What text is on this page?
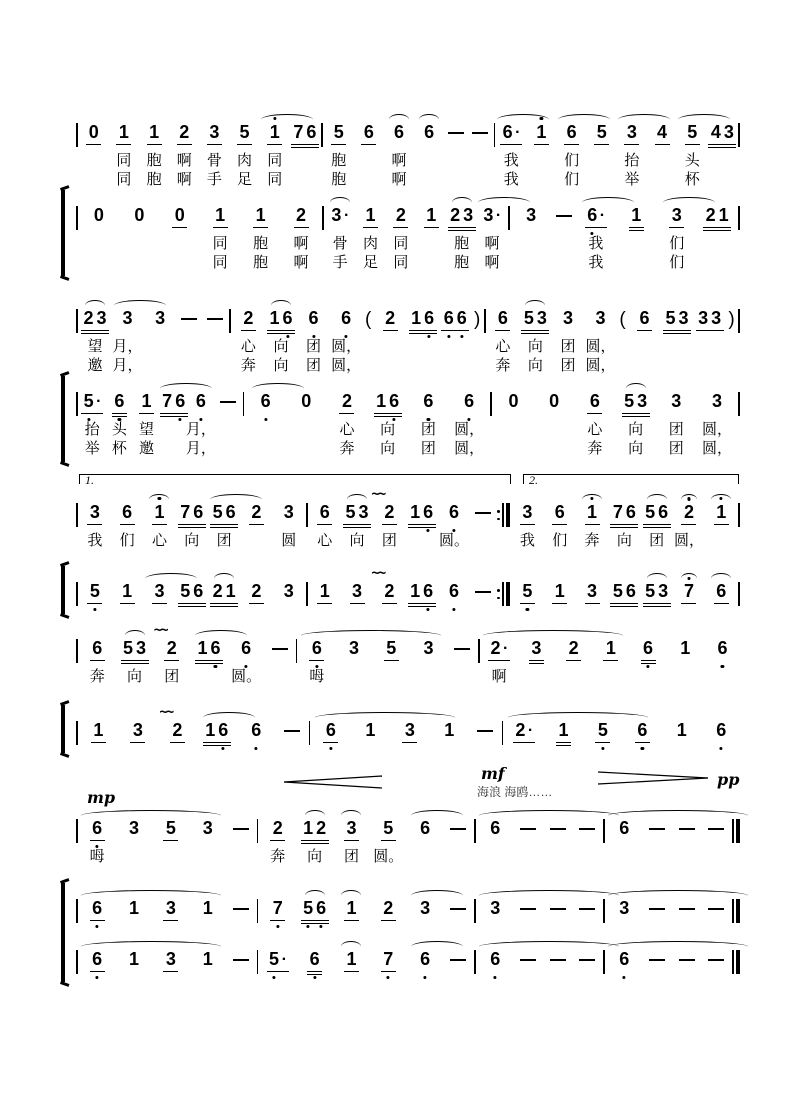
0 1
同
同
1
胞
胞
2
啊
啊
3
骨
手
5
肉
足
1
同
同
7 6 5
胞
胞
6 6
啊
啊
6	6 ·
我
我
1 6
们
们
5 3
抬
举
4 5
头
杯
4 3
0 0 0 1
同
同
1
胞
胞
2
啊
啊
3 ·
骨
手
1
肉
足
2
同
同
1 2 3
胞
胞
3 ·
啊
啊
3	6 ·
我
我
1 3
们
们
2 1
2 3
望
邀
3
月，
月，
3	2
心
奔
1 6
向
向
6
团
团
6
圆，
圆，
( 2 1 6 6 6 ) 6
心
奔
5 3
向
向
3
团
团
3
圆，
圆，
( 6 5 3 3 3 )
5 ·
抬
举
6
头
杯
1
望
邀
7 6 6
月，
月，
6 0 2
心
奔
1 6
向
向
6
团
团
6
圆，
圆，
0 0 6
心
奔
5 3
向
向
3
团
团
3
圆，
圆，
1.	2.
3
我
6
们
1
心
7 6
向
5 6
团
2 3
圆
6
心
5 3
向
~~
2
团
1 6 6
圆。
3
我
6
们
1
奔
7 6
向
5 6
团
2
圆，
1
5 1 3 5 6 2 1 2 3 1 3
~~
2 1 6 6	5 1 3 5 6 5 3 7 6
6
奔
5 3
向
~~
2
团
1 6 6
圆。
6
呣
3 5 3	2 ·
啊
3 2 1 6 1 6
1 3
~~
2 1 6 6	6 1 3 1	2 · 1 5 6 1 6
mp
mf
海浪 海鸥……
pp
6
呣
3 5 3	2
奔
1 2
向
3
团
5
圆。
6	6	6
6 1 3 1	7 5 6 1 2 3	3	3
6 1 3 1	5 · 6 1 7 6	6	6
